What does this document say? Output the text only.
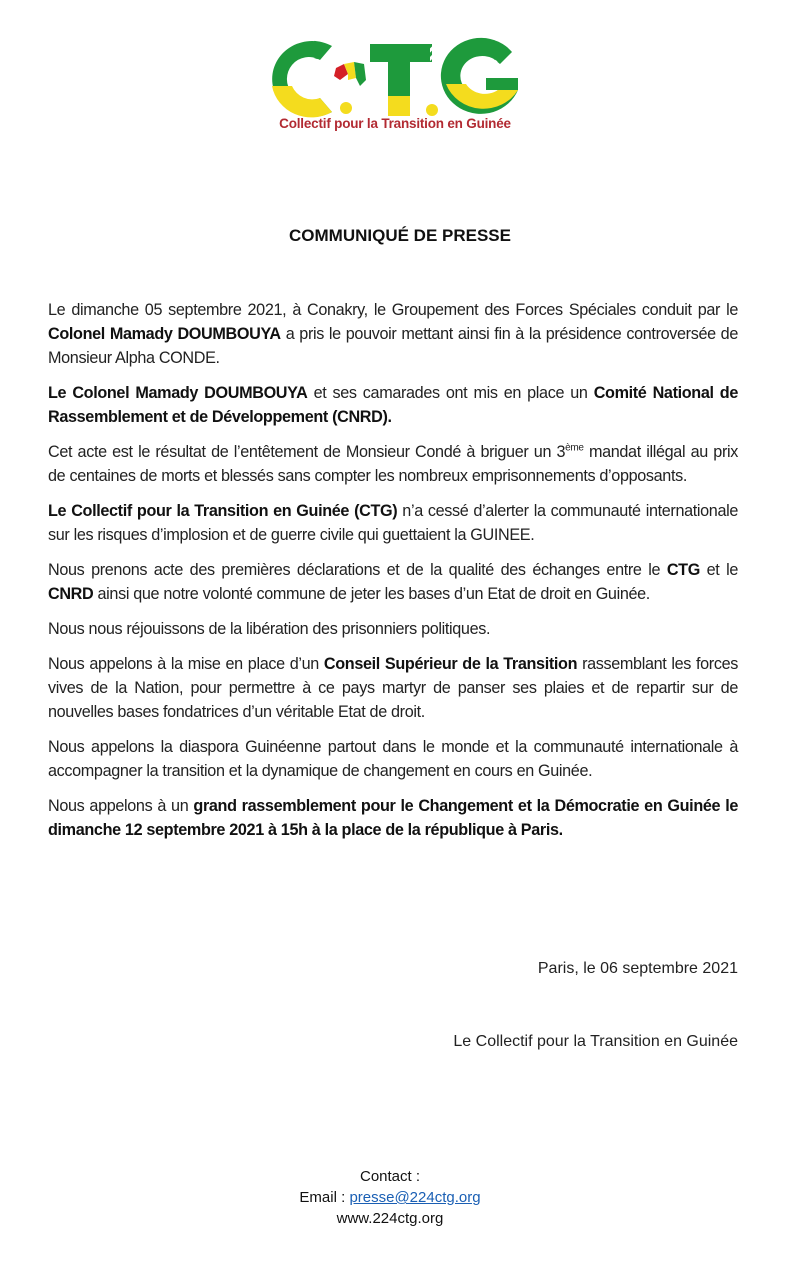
Collectif pour la Transition en Guinée
COMMUNIQUÉ DE PRESSE

Le dimanche 05 septembre 2021, à Conakry, le Groupement des Forces Spéciales conduit par le Colonel Mamady DOUMBOUYA a pris le pouvoir mettant ainsi fin à la présidence controversée de Monsieur Alpha CONDE.

Le Colonel Mamady DOUMBOUYA et ses camarades ont mis en place un Comité National de Rassemblement et de Développement (CNRD).

Cet acte est le résultat de l’entêtement de Monsieur Condé à briguer un 3ème mandat illégal au prix de centaines de morts et blessés sans compter les nombreux emprisonnements d’opposants.

Le Collectif pour la Transition en Guinée (CTG) n’a cessé d’alerter la communauté internationale sur les risques d’implosion et de guerre civile qui guettaient la GUINEE.

Nous prenons acte des premières déclarations et de la qualité des échanges entre le CTG et le CNRD ainsi que notre volonté commune de jeter les bases d’un Etat de droit en Guinée.

Nous nous réjouissons de la libération des prisonniers politiques.

Nous appelons à la mise en place d’un Conseil Supérieur de la Transition rassemblant les forces vives de la Nation, pour permettre à ce pays martyr de panser ses plaies et de repartir sur de nouvelles bases fondatrices d’un véritable Etat de droit.

Nous appelons la diaspora Guinéenne partout dans le monde et la communauté internationale à accompagner la transition et la dynamique de changement en cours en Guinée.

Nous appelons à un grand rassemblement pour le Changement et la Démocratie en Guinée le dimanche 12 septembre 2021 à 15h à la place de la république à Paris.

Paris, le 06 septembre 2021
Le Collectif pour la Transition en Guinée
Contact :
Email : presse@224ctg.org
www.224ctg.org
